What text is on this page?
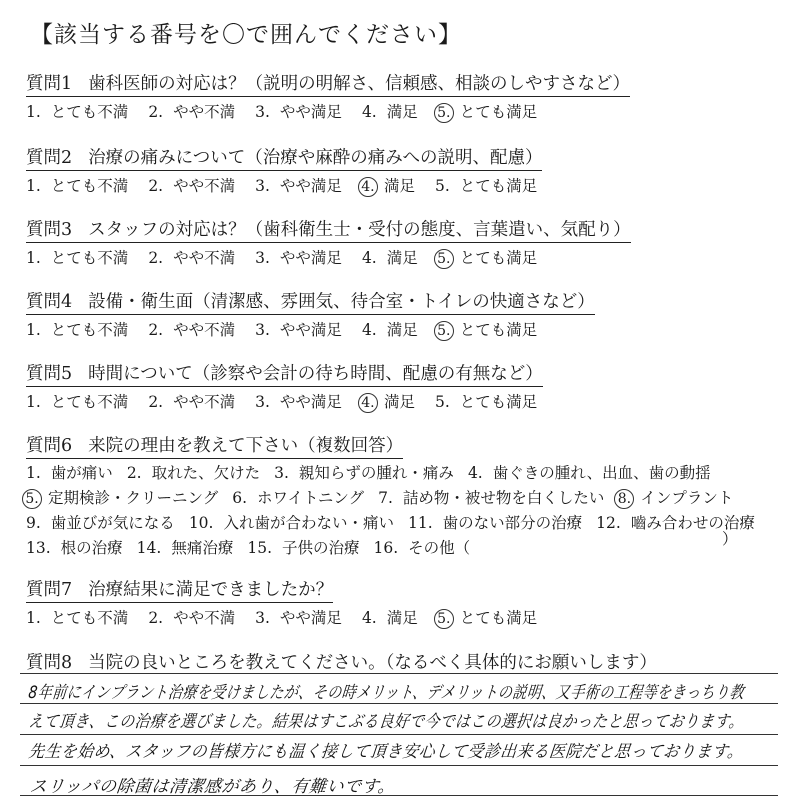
【該当する番号を〇で囲んでください】
質問1 歯科医師の対応は？（説明の明解さ、信頼感、相談のしやすさなど）
1. とても不満 2. やや不満 3. やや満足 4. 満足 5. とても満足
質問2 治療の痛みについて（治療や麻酔の痛みへの説明、配慮）
1. とても不満 2. やや不満 3. やや満足 4. 満足 5. とても満足
質問3 スタッフの対応は？（歯科衛生士・受付の態度、言葉遣い、気配り）
1. とても不満 2. やや不満 3. やや満足 4. 満足 5. とても満足
質問4 設備・衛生面（清潔感、雰囲気、待合室・トイレの快適さなど）
1. とても不満 2. やや不満 3. やや満足 4. 満足 5. とても満足
質問5 時間について（診察や会計の待ち時間、配慮の有無など）
1. とても不満 2. やや不満 3. やや満足 4. 満足 5. とても満足
質問6 来院の理由を教えて下さい（複数回答）
1. 歯が痛い 2. 取れた、欠けた 3. 親知らずの腫れ・痛み 4. 歯ぐきの腫れ、出血、歯の動揺
5. 定期検診・クリーニング 6. ホワイトニング 7. 詰め物・被せ物を白くしたい 8. インプラント
9. 歯並びが気になる 10. 入れ歯が合わない・痛い 11. 歯のない部分の治療 12. 嚙み合わせの治療
13. 根の治療 14. 無痛治療 15. 子供の治療 16. その他（
質問7 治療結果に満足できましたか？
1. とても不満 2. やや不満 3. やや満足 4. 満足 5. とても満足
質問8 当院の良いところを教えてください。（なるべく具体的にお願いします）
8年前にインプラント治療を受けましたが、その時メリット、デメリットの説明、又手術の工程等をきっちり教
えて頂き、この治療を選びました。結果はすこぶる良好で今ではこの選択は良かったと思っております。
先生を始め、スタッフの皆様方にも温く接して頂き安心して受診出来る医院だと思っております。
スリッパの除菌は清潔感があり、有難いです。
）
